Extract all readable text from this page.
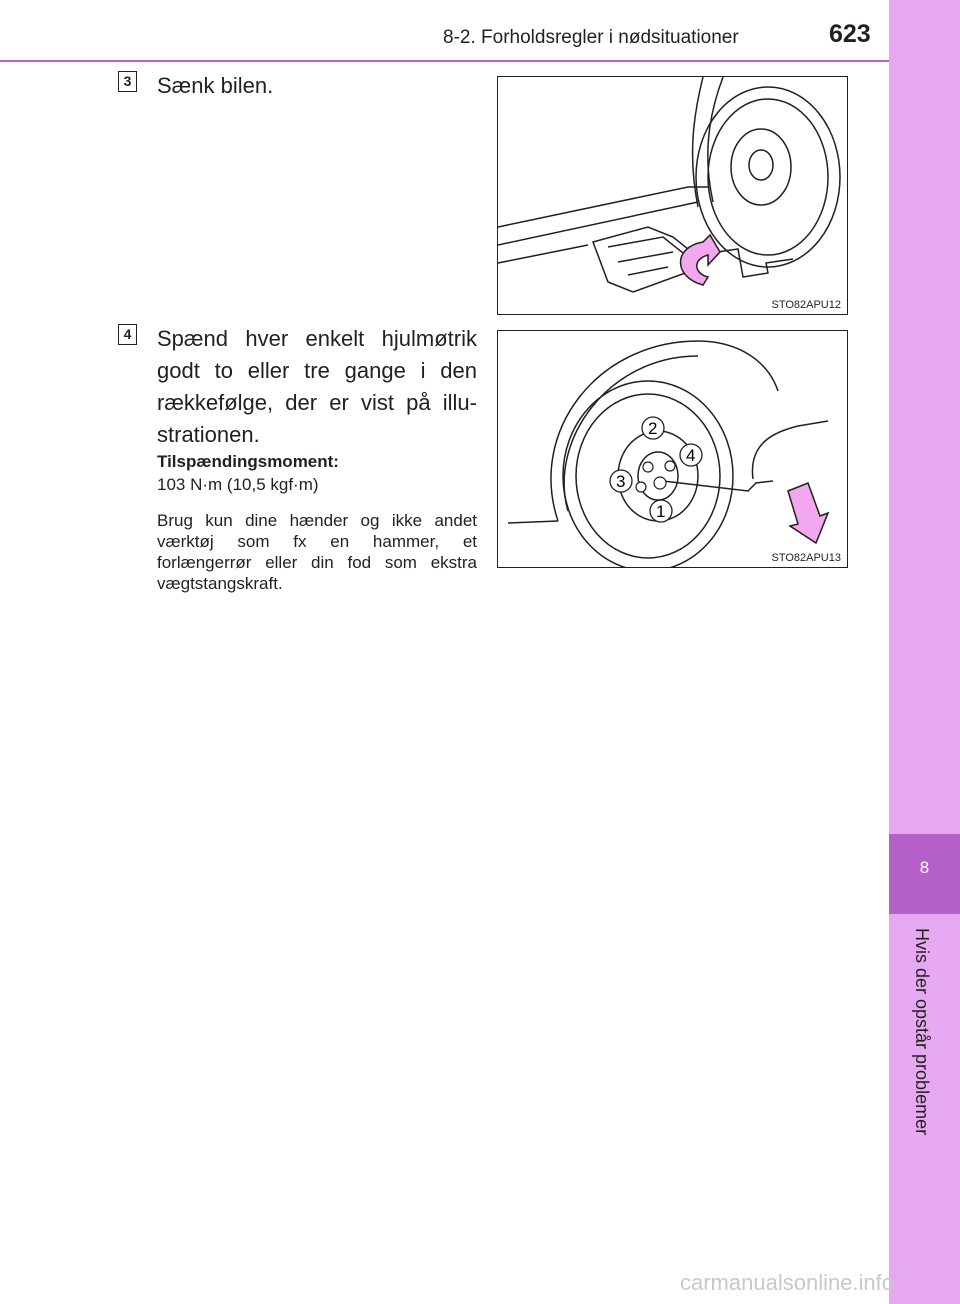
8
Hvis der opstår problemer
8-2. Forholdsregler i nødsituationer	623
3 Sænk bilen.
STO82APU12
4 Spænd hver enkelt hjulmøtrik godt to eller tre gange i den rækkefølge, der er vist på illu-strationen.
Tilspændingsmoment:
103 N·m (10,5 kgf·m)
Brug kun dine hænder og ikke andet værktøj som fx en hammer, et forlængerrør eller din fod som ekstra vægtstangskraft.
1
2
3
4
STO82APU13
carmanualsonline.info
